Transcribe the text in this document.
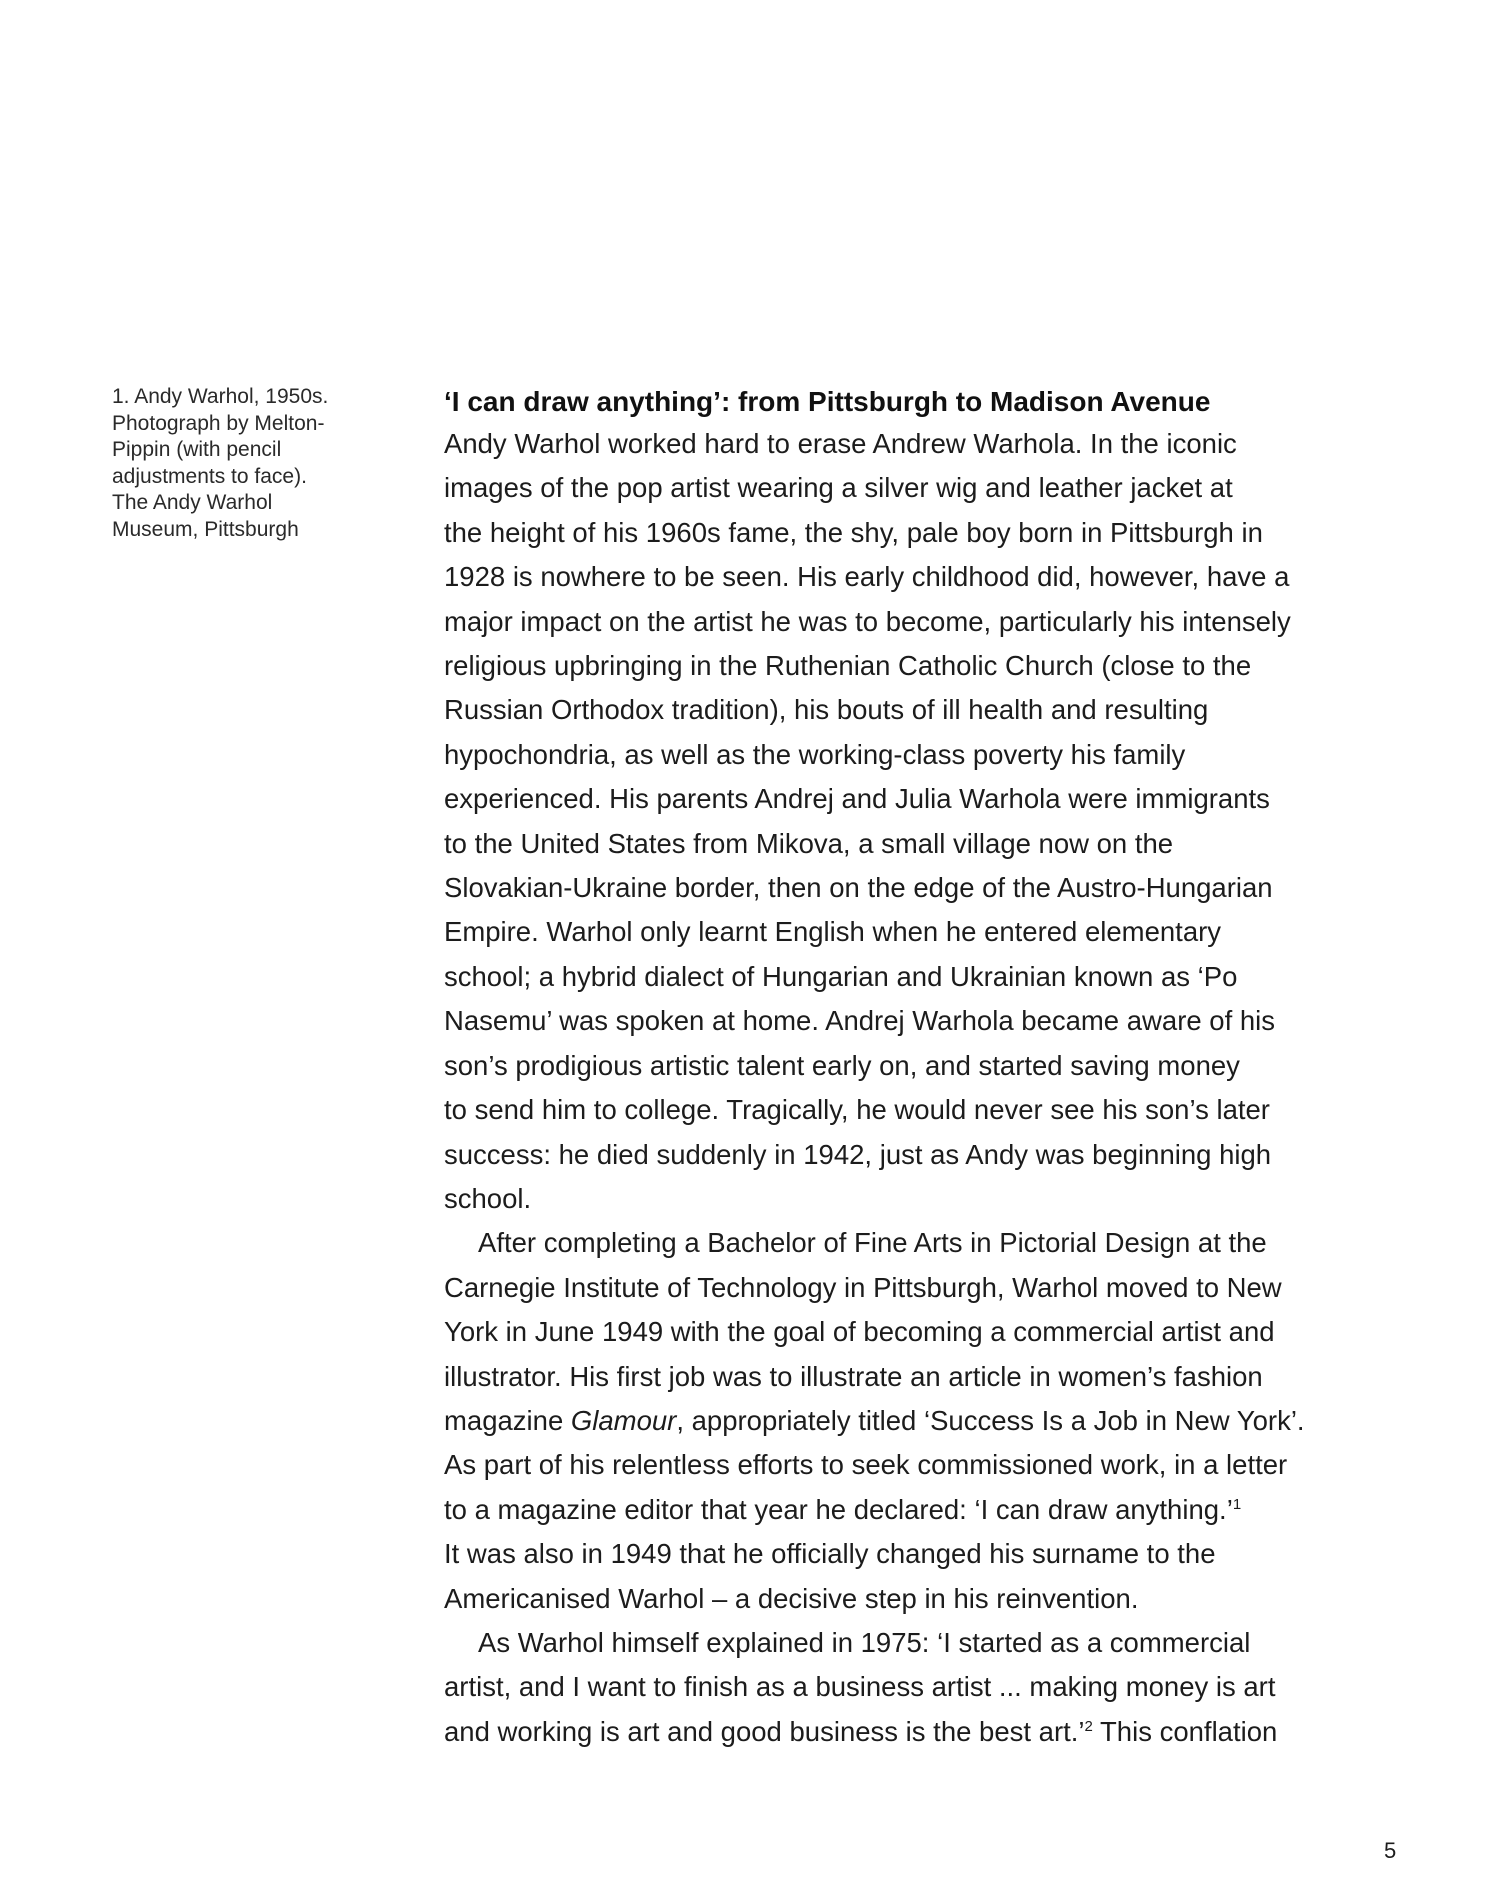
1. Andy Warhol, 1950s.
Photograph by Melton-
Pippin (with pencil
adjustments to face).
The Andy Warhol
Museum, Pittsburgh
‘I can draw anything’: from Pittsburgh to Madison Avenue

Andy Warhol worked hard to erase Andrew Warhola. In the iconic
images of the pop artist wearing a silver wig and leather jacket at
the height of his 1960s fame, the shy, pale boy born in Pittsburgh in
1928 is nowhere to be seen. His early childhood did, however, have a
major impact on the artist he was to become, particularly his intensely
religious upbringing in the Ruthenian Catholic Church (close to the
Russian Orthodox tradition), his bouts of ill health and resulting
hypochondria, as well as the working-class poverty his family
experienced. His parents Andrej and Julia Warhola were immigrants
to the United States from Mikova, a small village now on the
Slovakian-Ukraine border, then on the edge of the Austro-Hungarian
Empire. Warhol only learnt English when he entered elementary
school; a hybrid dialect of Hungarian and Ukrainian known as ‘Po
Nasemu’ was spoken at home. Andrej Warhola became aware of his
son’s prodigious artistic talent early on, and started saving money
to send him to college. Tragically, he would never see his son’s later
success: he died suddenly in 1942, just as Andy was beginning high
school.

After completing a Bachelor of Fine Arts in Pictorial Design at the
Carnegie Institute of Technology in Pittsburgh, Warhol moved to New
York in June 1949 with the goal of becoming a commercial artist and
illustrator. His first job was to illustrate an article in women’s fashion
magazine Glamour, appropriately titled ‘Success Is a Job in New York’.
As part of his relentless efforts to seek commissioned work, in a letter
to a magazine editor that year he declared: ‘I can draw anything.’$^1$
It was also in 1949 that he officially changed his surname to the
Americanised Warhol – a decisive step in his reinvention.

As Warhol himself explained in 1975: ‘I started as a commercial
artist, and I want to finish as a business artist ... making money is art
and working is art and good business is the best art.’$^2$ This conflation

5
